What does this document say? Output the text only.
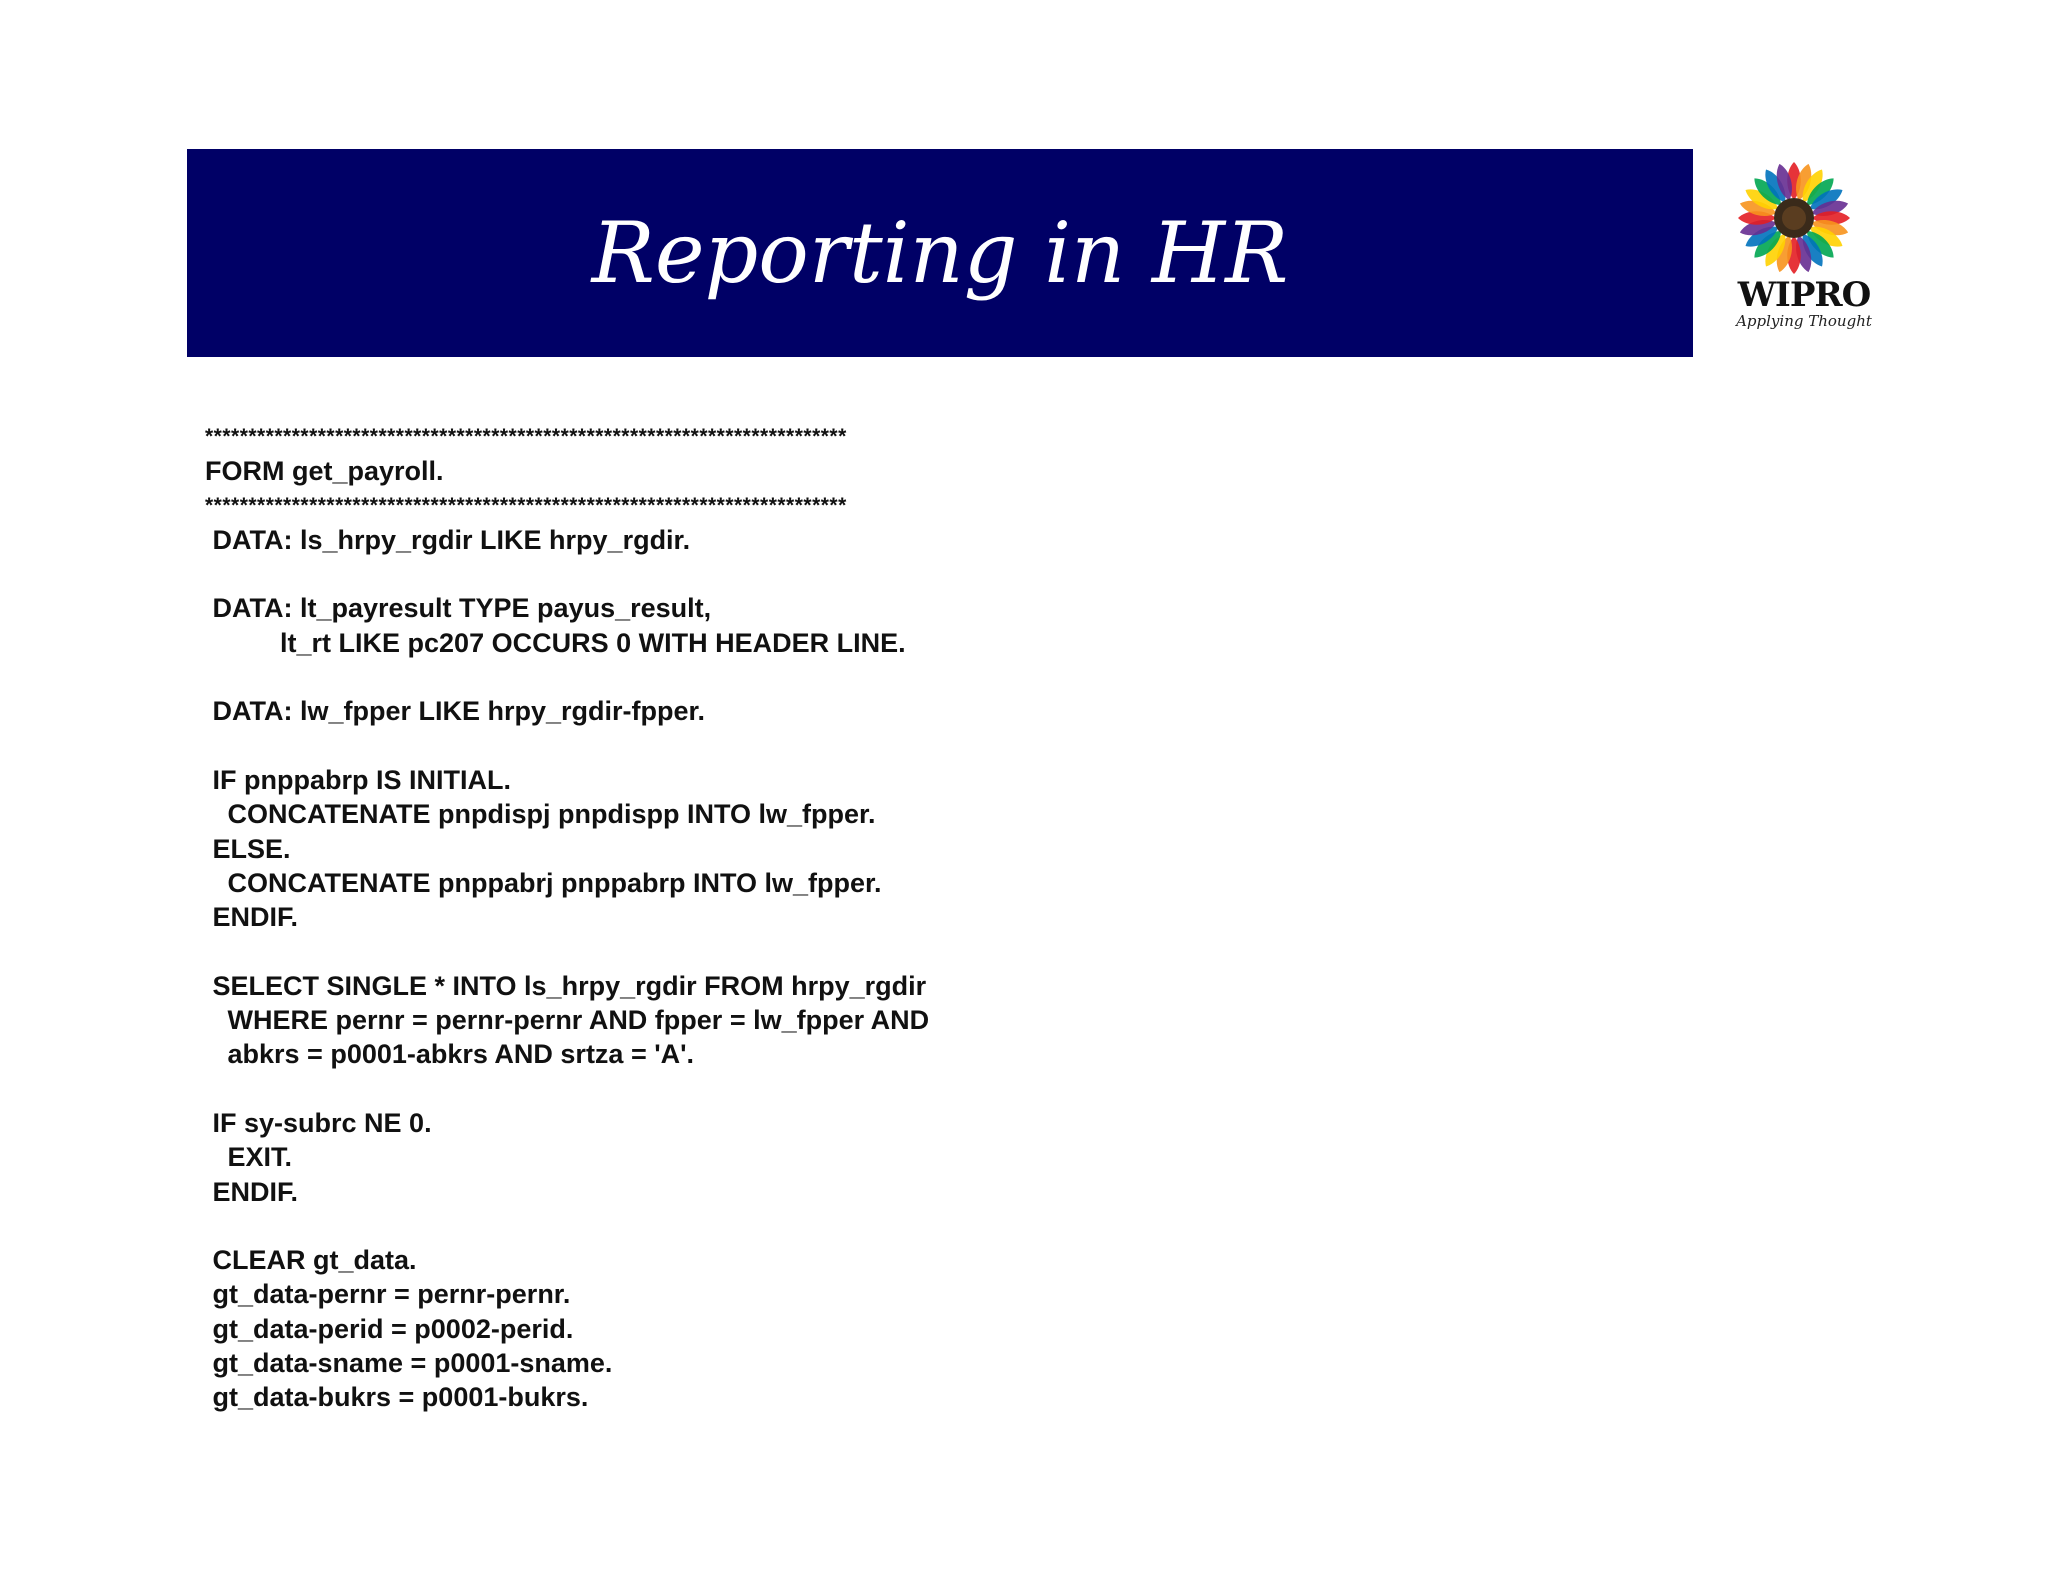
Reporting in HR	WIPRO
Applying Thought
**************************************************************************
FORM get_payroll.
**************************************************************************
DATA: ls_hrpy_rgdir LIKE hrpy_rgdir.
DATA: lt_payresult TYPE payus_result,
lt_rt LIKE pc207 OCCURS 0 WITH HEADER LINE.
DATA: lw_fpper LIKE hrpy_rgdir-fpper.
IF pnppabrp IS INITIAL.
CONCATENATE pnpdispj pnpdispp INTO lw_fpper.
ELSE.
CONCATENATE pnppabrj pnppabrp INTO lw_fpper.
ENDIF.
SELECT SINGLE * INTO ls_hrpy_rgdir FROM hrpy_rgdir
WHERE pernr = pernr-pernr AND fpper = lw_fpper AND
abkrs = p0001-abkrs AND srtza = 'A'.
IF sy-subrc NE 0.
EXIT.
ENDIF.
CLEAR gt_data.
gt_data-pernr = pernr-pernr.
gt_data-perid = p0002-perid.
gt_data-sname = p0001-sname.
gt_data-bukrs = p0001-bukrs.
